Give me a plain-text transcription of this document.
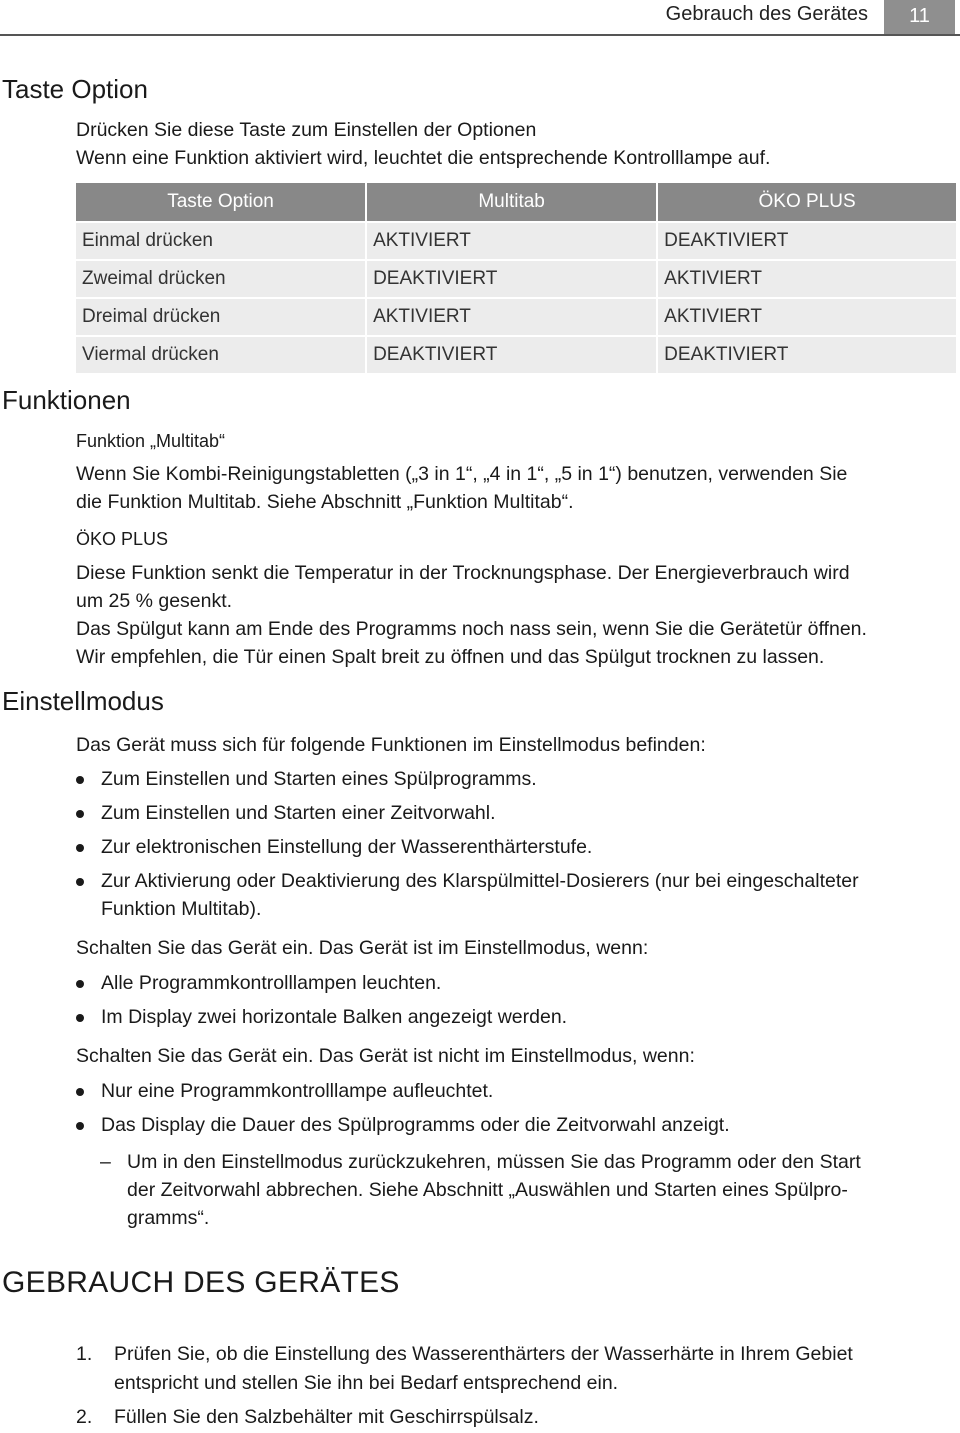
Gebrauch des Gerätes	11
Taste Option
Drücken Sie diese Taste zum Einstellen der Optionen
Wenn eine Funktion aktiviert wird, leuchtet die entsprechende Kontrolllampe auf.
Taste Option	Multitab	ÖKO PLUS
Einmal drücken	AKTIVIERT	DEAKTIVIERT
Zweimal drücken	DEAKTIVIERT	AKTIVIERT
Dreimal drücken	AKTIVIERT	AKTIVIERT
Viermal drücken	DEAKTIVIERT	DEAKTIVIERT
Funktionen
Funktion „Multitab“
Wenn Sie Kombi-Reinigungstabletten („3 in 1“, „4 in 1“, „5 in 1“) benutzen, verwenden Sie
die Funktion Multitab. Siehe Abschnitt „Funktion Multitab“.
ÖKO PLUS
Diese Funktion senkt die Temperatur in der Trocknungsphase. Der Energieverbrauch wird
um 25 % gesenkt.
Das Spülgut kann am Ende des Programms noch nass sein, wenn Sie die Gerätetür öffnen.
Wir empfehlen, die Tür einen Spalt breit zu öffnen und das Spülgut trocknen zu lassen.
Einstellmodus
Das Gerät muss sich für folgende Funktionen im Einstellmodus befinden:
Zum Einstellen und Starten eines Spülprogramms.
Zum Einstellen und Starten einer Zeitvorwahl.
Zur elektronischen Einstellung der Wasserenthärterstufe.
Zur Aktivierung oder Deaktivierung des Klarspülmittel-Dosierers (nur bei eingeschalteter
Funktion Multitab).
Schalten Sie das Gerät ein. Das Gerät ist im Einstellmodus, wenn:
Alle Programmkontrolllampen leuchten.
Im Display zwei horizontale Balken angezeigt werden.
Schalten Sie das Gerät ein. Das Gerät ist nicht im Einstellmodus, wenn:
Nur eine Programmkontrolllampe aufleuchtet.
Das Display die Dauer des Spülprogramms oder die Zeitvorwahl anzeigt.
– Um in den Einstellmodus zurückzukehren, müssen Sie das Programm oder den Start
der Zeitvorwahl abbrechen. Siehe Abschnitt „Auswählen und Starten eines Spülpro-
gramms“.
GEBRAUCH DES GERÄTES
1. Prüfen Sie, ob die Einstellung des Wasserenthärters der Wasserhärte in Ihrem Gebiet
entspricht und stellen Sie ihn bei Bedarf entsprechend ein.
2. Füllen Sie den Salzbehälter mit Geschirrspülsalz.
